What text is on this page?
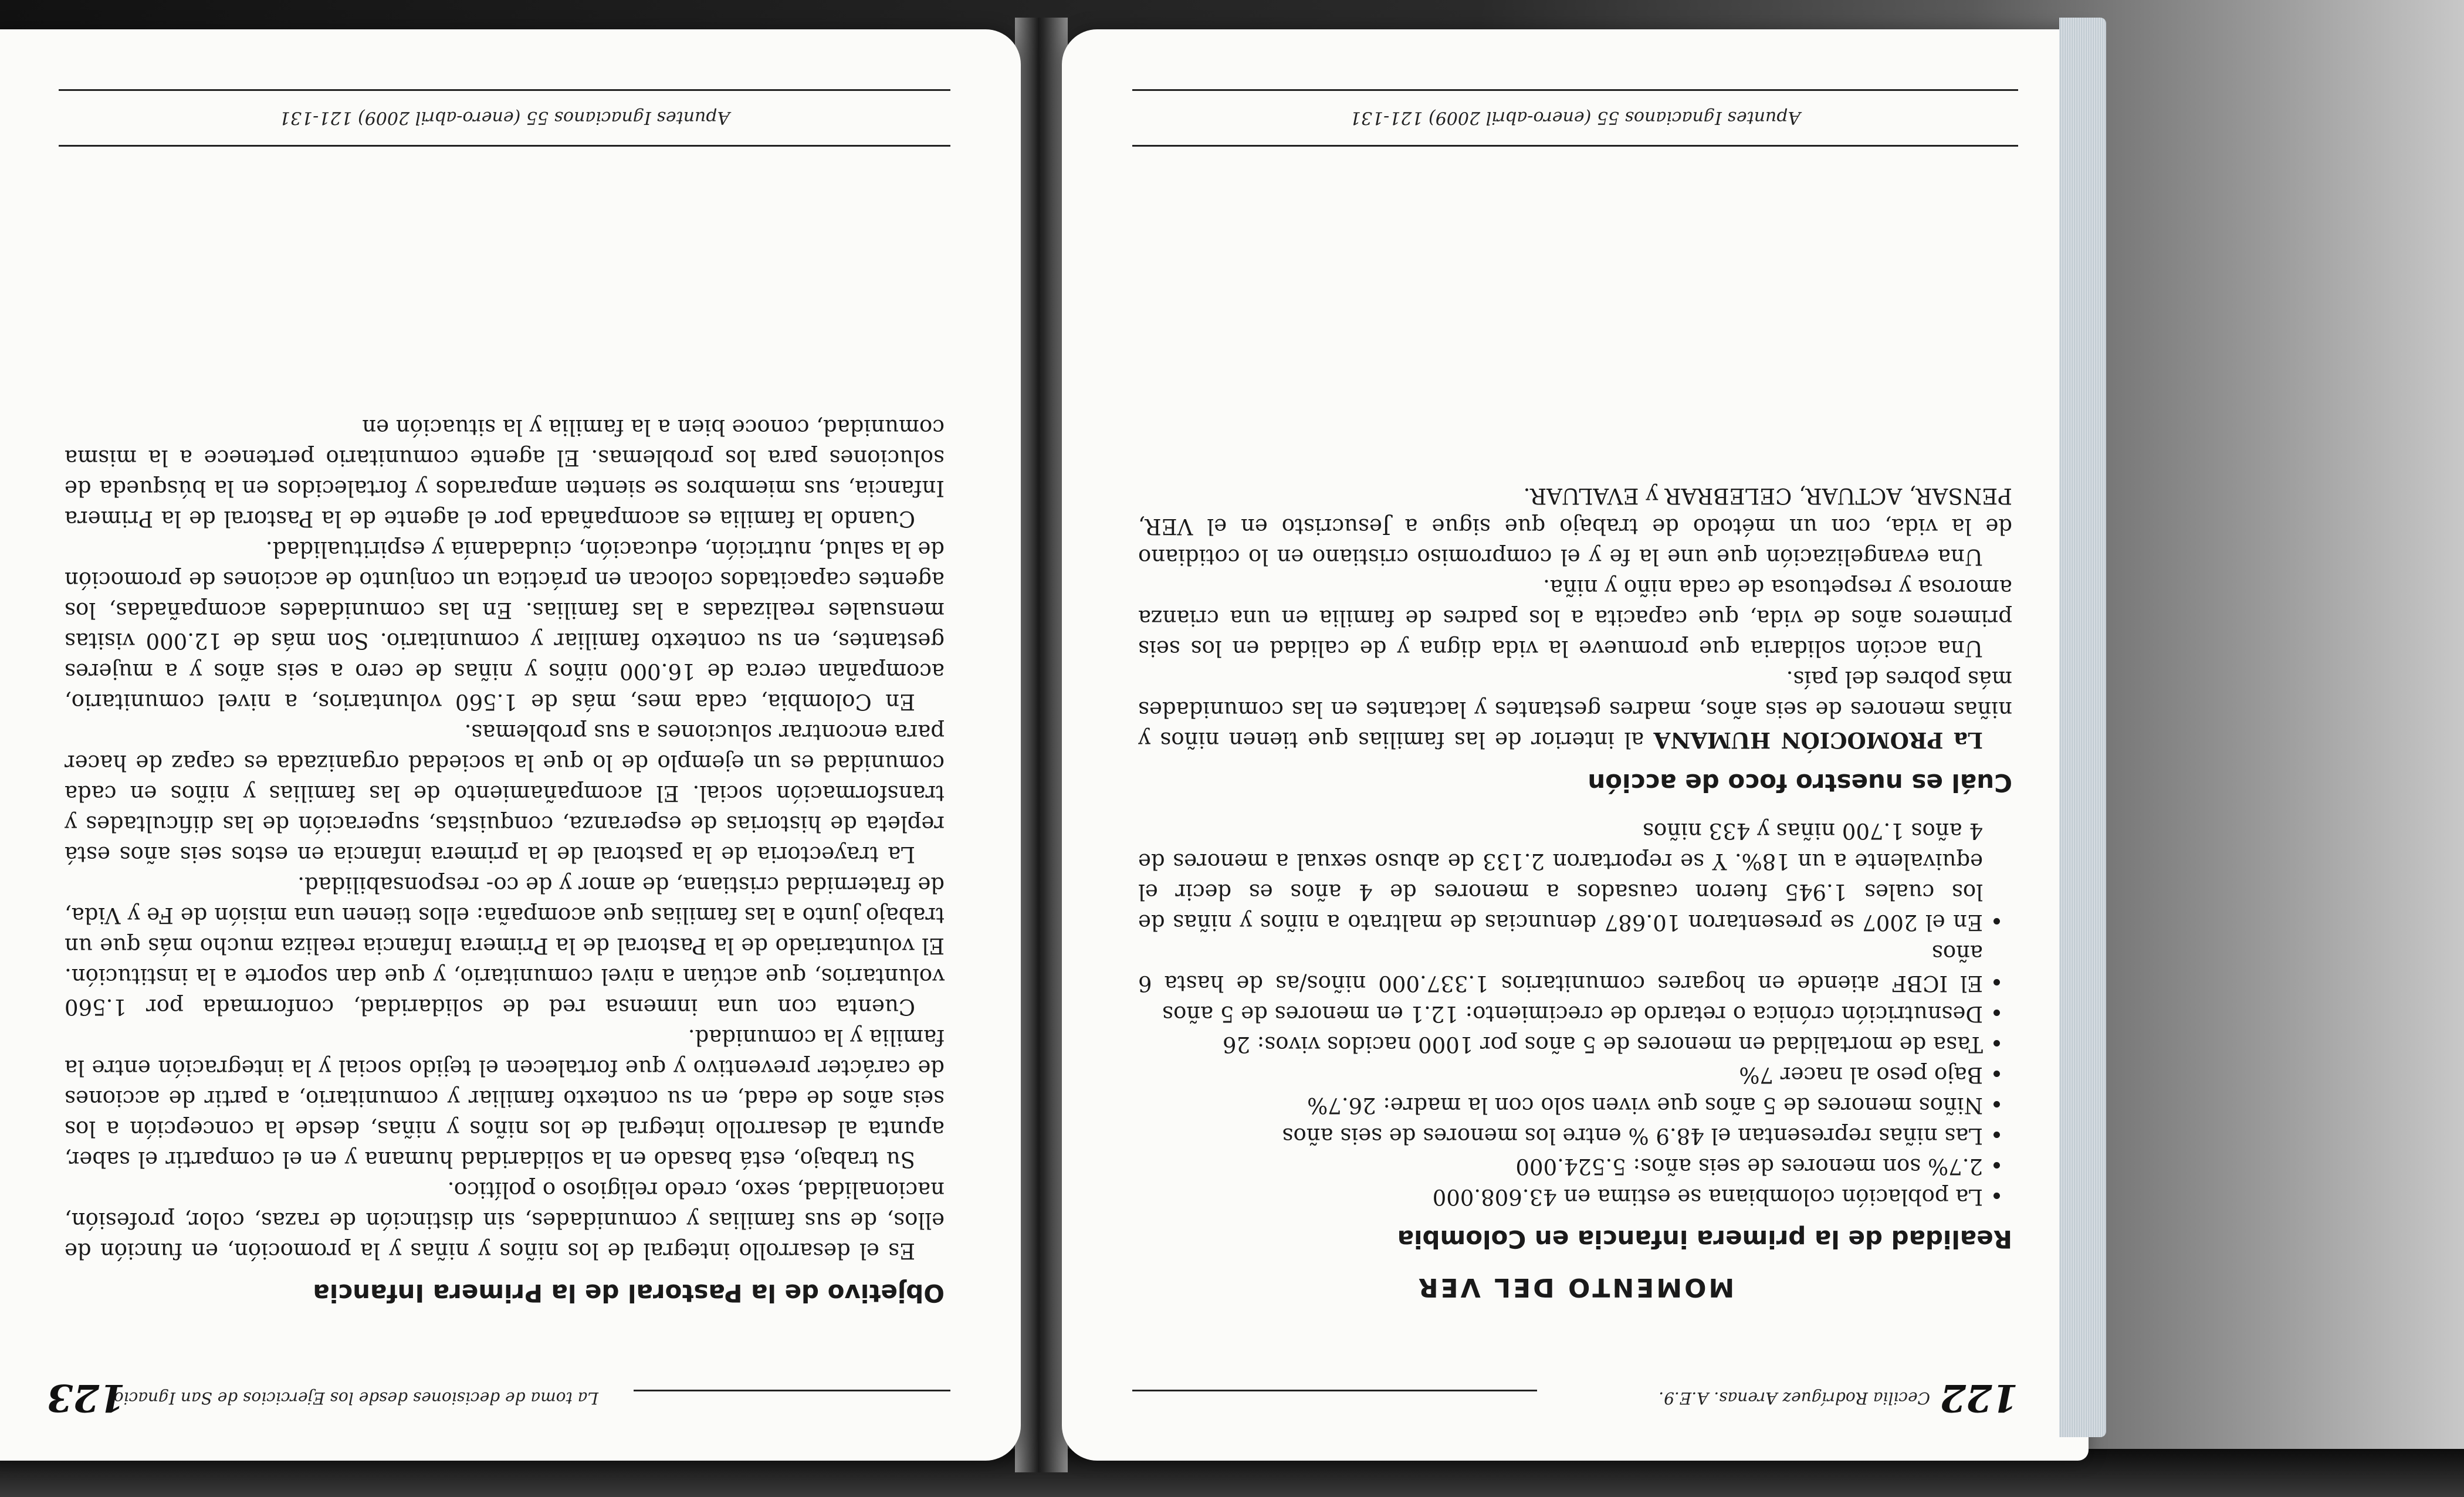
122
Cecilia Rodríguez Arenas. A.E.9.
MOMENTO DEL VER
Realidad de la primera infancia en Colombia
• La población colombiana se estima en 43.608.000
• 2.7% son menores de seis años: 5.524.000
• Las niñas representan el 48.9 % entre los menores de seis años
• Niños menores de 5 años que viven solo con la madre: 26.7%
• Bajo peso al nacer 7%
• Tasa de mortalidad en menores de 5 años por 1000 nacidos vivos: 26
• Desnutrición crónica o retardo de crecimiento: 12.1 en menores de 5 años
• El ICBF atiende en hogares comunitarios 1.337.000 niños/as de hasta 6 años
• En el 2007 se presentaron 10.687 denuncias de maltrato a niños y niñas de los cuales 1.945 fueron causados a menores de 4 años es decir el equivalente a un 18%. Y se reportaron 2.133 de abuso sexual a menores de 4 años 1.700 niñas y 433 niños
Cuál es nuestro foco de acción

La PROMOCIÓN HUMANA al interior de las familias que tienen niños y niñas menores de seis años, madres gestantes y lactantes en las comunidades más pobres del país.

Una acción solidaria que promueve la vida digna y de calidad en los seis primeros años de vida, que capacita a los padres de familia en una crianza amorosa y respetuosa de cada niño y niña.

Una evangelización que une la fe y el compromiso cristiano en lo cotidiano de la vida, con un método de trabajo que sigue a Jesucristo en el VER, PENSAR, ACTUAR, CELEBRAR y EVALUAR.

Apuntes Ignacianos 55 (enero-abril 2009) 121-131
La toma de decisiones desde los Ejercicios de San Ignacio
123
Objetivo de la Pastoral de la Primera Infancia

Es el desarrollo integral de los niños y niñas y la promoción, en función de ellos, de sus familias y comunidades, sin distinción de razas, color, profesión, nacionalidad, sexo, credo religioso o político.

Su trabajo, está basado en la solidaridad humana y en el compartir el saber, apunta al desarrollo integral de los niños y niñas, desde la concepción a los seis años de edad, en su contexto familiar y comunitario, a partir de acciones de carácter preventivo y que fortalecen el tejido social y la integración entre la familia y la comunidad.

Cuenta con una inmensa red de solidaridad, conformada por 1.560 voluntarios, que actúan a nivel comunitario, y que dan soporte a la institución. El voluntariado de la Pastoral de la Primera Infancia realiza mucho más que un trabajo junto a las familias que acompaña: ellos tienen una misión de Fe y Vida, de fraternidad cristiana, de amor y de co- responsabilidad.

La trayectoria de la pastoral de la primera infancia en estos seis años está repleta de historias de esperanza, conquistas, superación de las dificultades y transformación social. El acompañamiento de las familias y niños en cada comunidad es un ejemplo de lo que la sociedad organizada es capaz de hacer para encontrar soluciones a sus problemas.

En Colombia, cada mes, más de 1.560 voluntarios, a nivel comunitario, acompañan cerca de 16.000 niños y niñas de cero a seis años y a mujeres gestantes, en su contexto familiar y comunitario. Son más de 12.000 visitas mensuales realizadas a las familias. En las comunidades acompañadas, los agentes capacitados colocan en práctica un conjunto de acciones de promoción de la salud, nutrición, educación, ciudadanía y espiritualidad.

Cuando la familia es acompañada por el agente de la Pastoral de la Primera Infancia, sus miembros se sienten amparados y fortalecidos en la búsqueda de soluciones para los problemas. El agente comunitario pertenece a la misma comunidad, conoce bien a la familia y la situación en

Apuntes Ignacianos 55 (enero-abril 2009) 121-131
